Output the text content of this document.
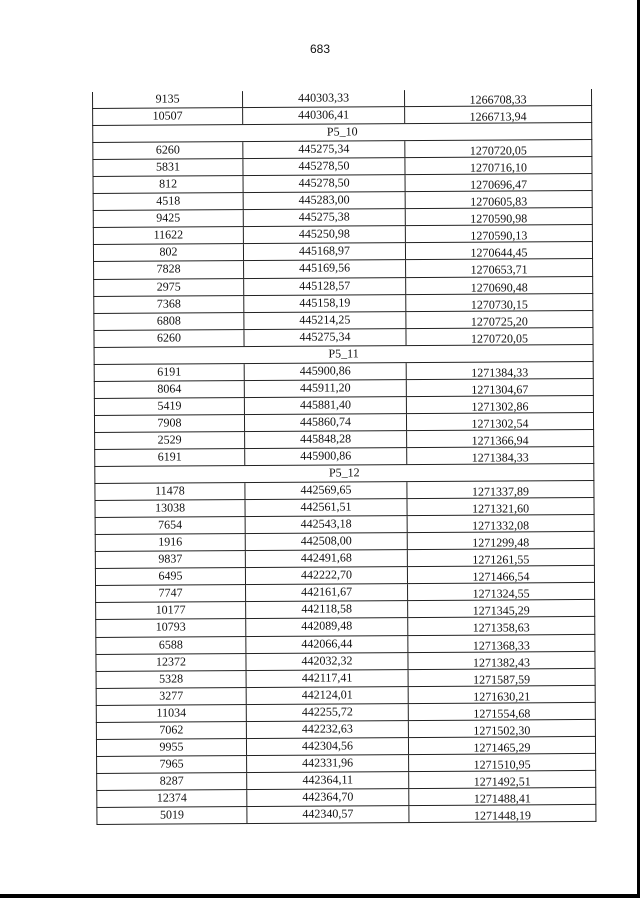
683
9135	440303,33	1266708,33
10507	440306,41	1266713,94
P5_10
6260	445275,34	1270720,05
5831	445278,50	1270716,10
812	445278,50	1270696,47
4518	445283,00	1270605,83
9425	445275,38	1270590,98
11622	445250,98	1270590,13
802	445168,97	1270644,45
7828	445169,56	1270653,71
2975	445128,57	1270690,48
7368	445158,19	1270730,15
6808	445214,25	1270725,20
6260	445275,34	1270720,05
P5_11
6191	445900,86	1271384,33
8064	445911,20	1271304,67
5419	445881,40	1271302,86
7908	445860,74	1271302,54
2529	445848,28	1271366,94
6191	445900,86	1271384,33
P5_12
11478	442569,65	1271337,89
13038	442561,51	1271321,60
7654	442543,18	1271332,08
1916	442508,00	1271299,48
9837	442491,68	1271261,55
6495	442222,70	1271466,54
7747	442161,67	1271324,55
10177	442118,58	1271345,29
10793	442089,48	1271358,63
6588	442066,44	1271368,33
12372	442032,32	1271382,43
5328	442117,41	1271587,59
3277	442124,01	1271630,21
11034	442255,72	1271554,68
7062	442232,63	1271502,30
9955	442304,56	1271465,29
7965	442331,96	1271510,95
8287	442364,11	1271492,51
12374	442364,70	1271488,41
5019	442340,57	1271448,19
